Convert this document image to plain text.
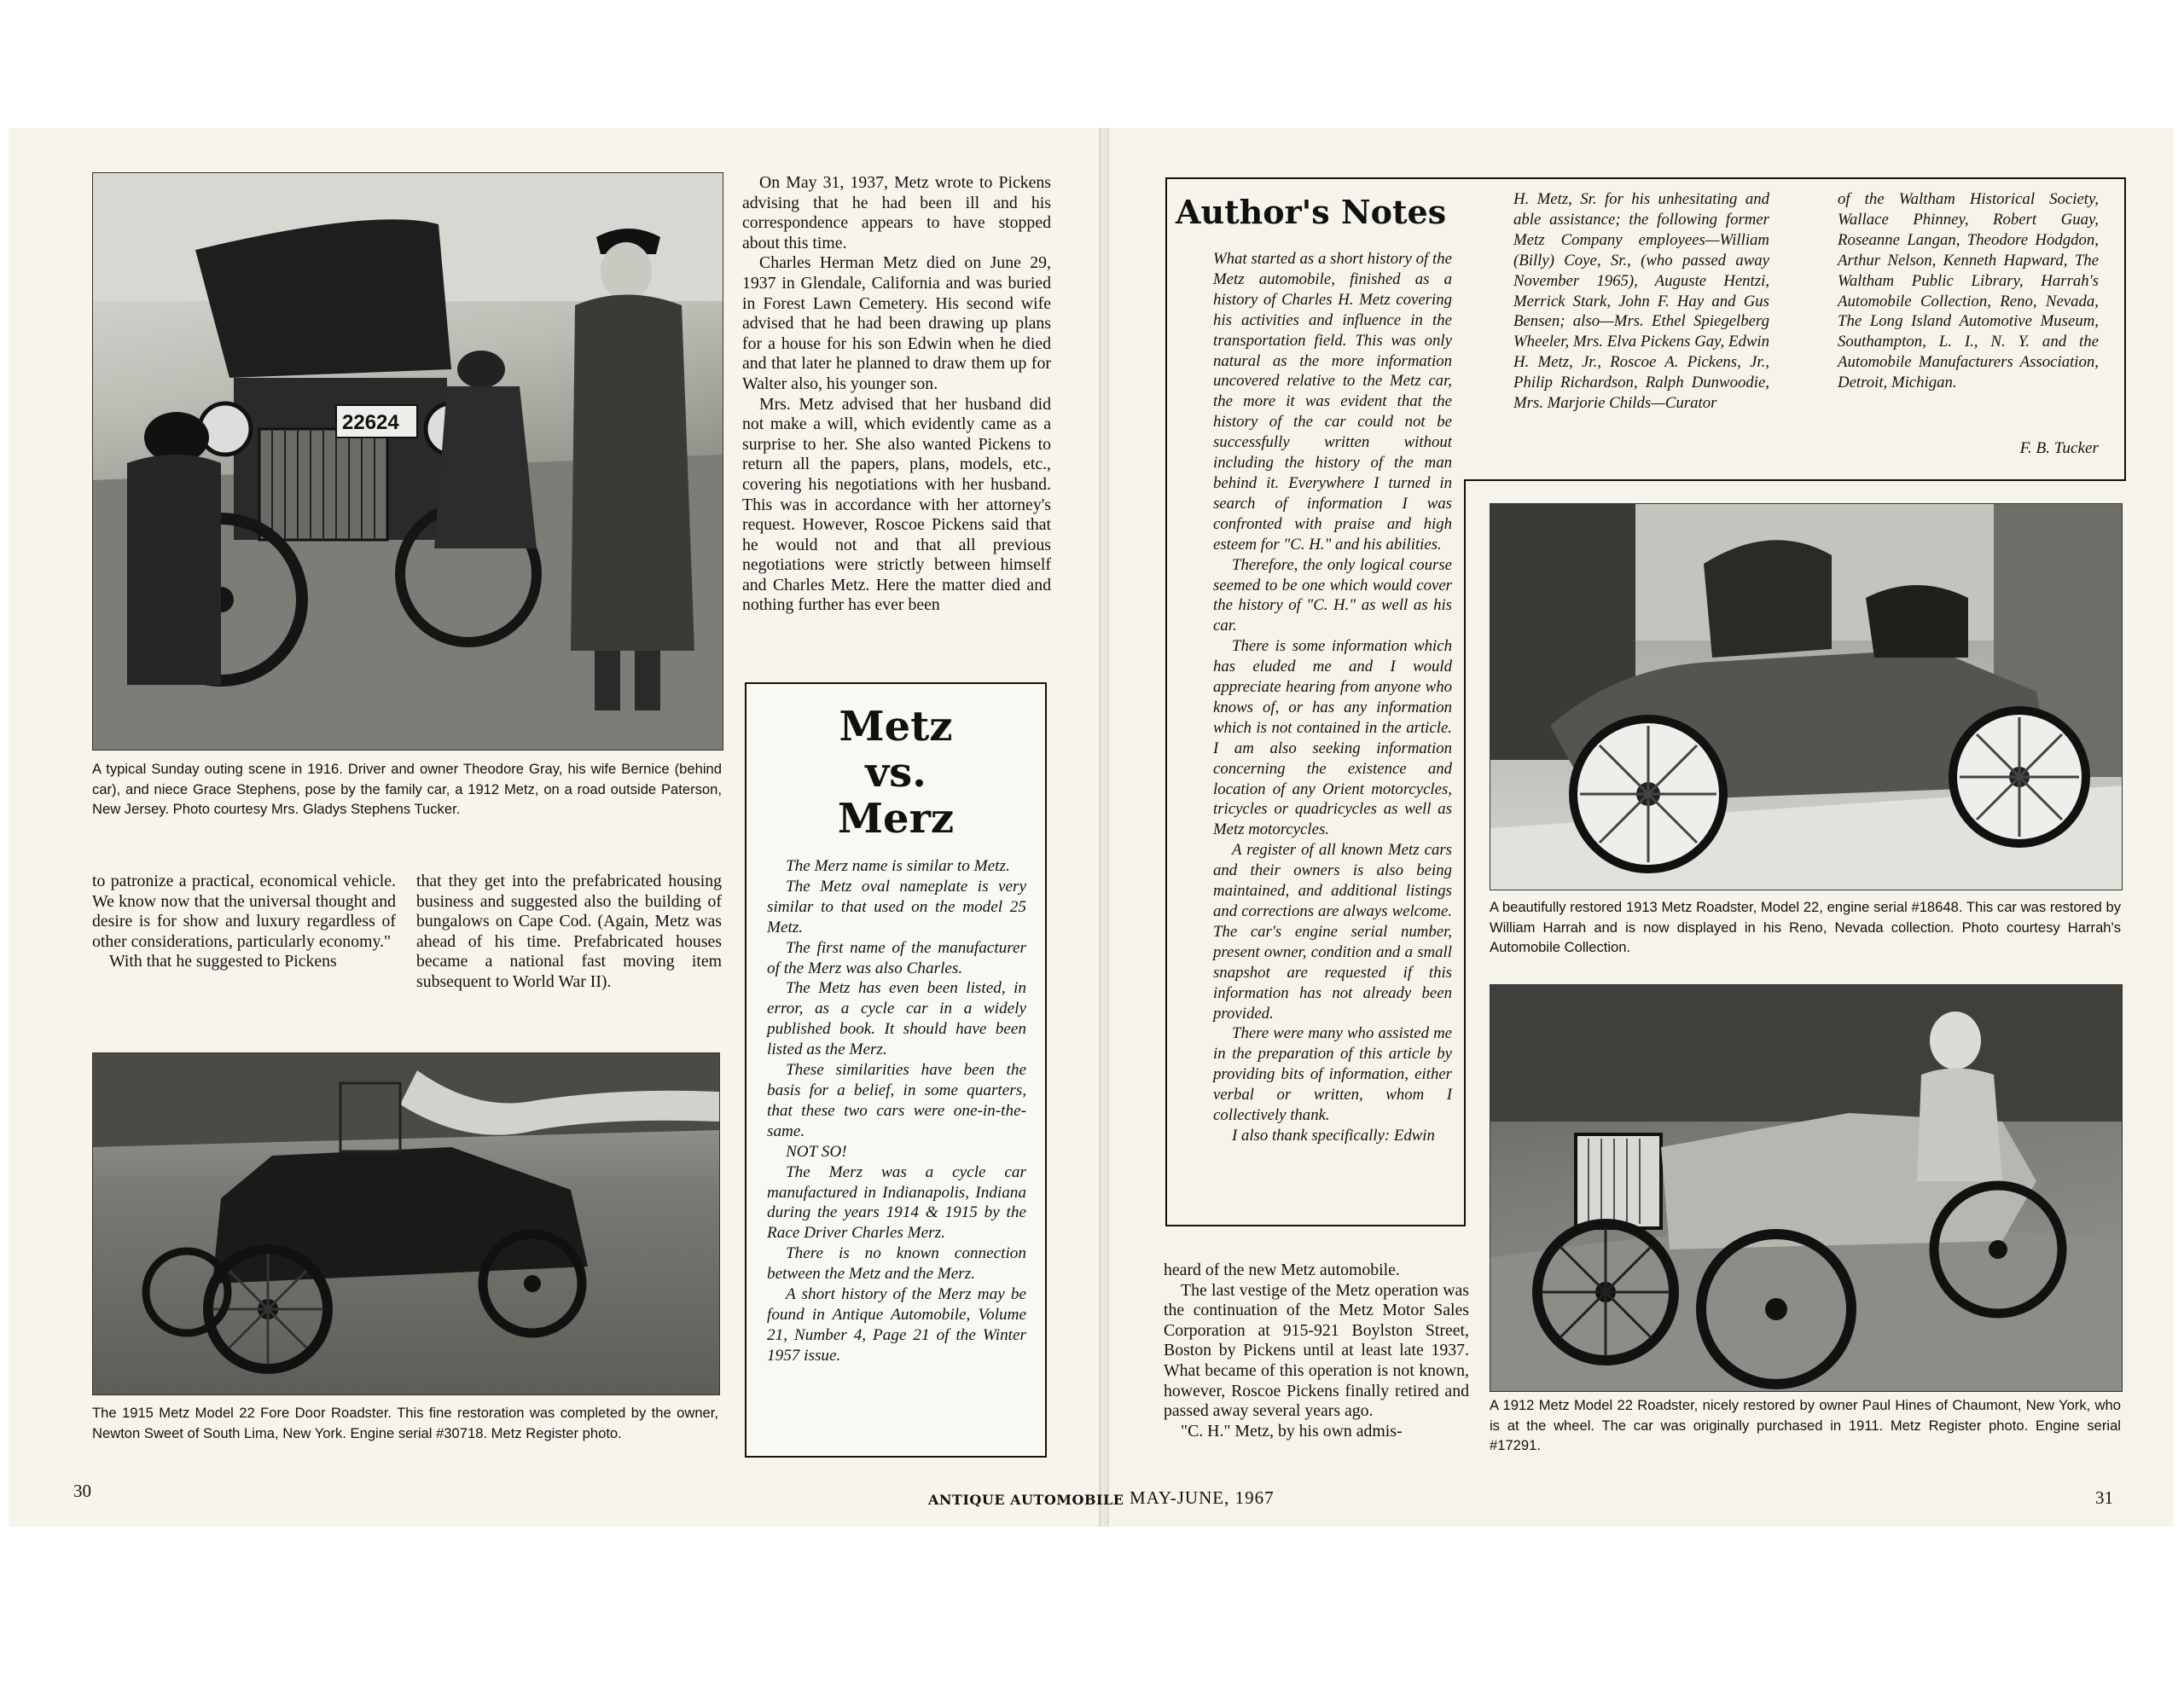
22624
A typical Sunday outing scene in 1916. Driver and owner Theodore Gray, his wife Bernice (behind car), and niece Grace Stephens, pose by the family car, a 1912 Metz, on a road outside Paterson, New Jersey. Photo courtesy Mrs. Gladys Stephens Tucker.

On May 31, 1937, Metz wrote to Pickens advising that he had been ill and his correspondence appears to have stopped about this time.

Charles Herman Metz died on June 29, 1937 in Glendale, California and was buried in Forest Lawn Cemetery. His second wife advised that he had been drawing up plans for a house for his son Edwin when he died and that later he planned to draw them up for Walter also, his younger son.

Mrs. Metz advised that her husband did not make a will, which evidently came as a surprise to her. She also wanted Pickens to return all the papers, plans, models, etc., covering his negotiations with her husband. This was in accordance with her attorney's request. However, Roscoe Pickens said that he would not and that all previous negotiations were strictly between himself and Charles Metz. Here the matter died and nothing further has ever been

to patronize a practical, economical vehicle. We know now that the universal thought and desire is for show and luxury regardless of other considerations, particularly economy."

With that he suggested to Pickens

that they get into the prefabricated housing business and suggested also the building of bungalows on Cape Cod. (Again, Metz was ahead of his time. Prefabricated houses became a national fast moving item subsequent to World War II).

The 1915 Metz Model 22 Fore Door Roadster. This fine restoration was completed by the owner, Newton Sweet of South Lima, New York. Engine serial #30718. Metz Register photo.
Metz
vs.
Merz

The Merz name is similar to Metz.

The Metz oval nameplate is very similar to that used on the model 25 Metz.

The first name of the manufacturer of the Merz was also Charles.

The Metz has even been listed, in error, as a cycle car in a widely published book. It should have been listed as the Merz.

These similarities have been the basis for a belief, in some quarters, that these two cars were one-in-the-same.

NOT SO!

The Merz was a cycle car manufactured in Indianapolis, Indiana during the years 1914 & 1915 by the Race Driver Charles Merz.

There is no known connection between the Metz and the Merz.

A short history of the Merz may be found in Antique Automobile, Volume 21, Number 4, Page 21 of the Winter 1957 issue.

30	ANTIQUE AUTOMOBILE
Author's Notes

What started as a short history of the Metz automobile, finished as a history of Charles H. Metz covering his activities and influence in the transportation field. This was only natural as the more information uncovered relative to the Metz car, the more it was evident that the history of the car could not be successfully written without including the history of the man behind it. Everywhere I turned in search of information I was confronted with praise and high esteem for "C. H." and his abilities.

Therefore, the only logical course seemed to be one which would cover the history of "C. H." as well as his car.

There is some information which has eluded me and I would appreciate hearing from anyone who knows of, or has any information which is not contained in the article. I am also seeking information concerning the existence and location of any Orient motorcycles, tricycles or quadricycles as well as Metz motorcycles.

A register of all known Metz cars and their owners is also being maintained, and additional listings and corrections are always welcome. The car's engine serial number, present owner, condition and a small snapshot are requested if this information has not already been provided.

There were many who assisted me in the preparation of this article by providing bits of information, either verbal or written, whom I collectively thank.

I also thank specifically: Edwin

H. Metz, Sr. for his unhesitating and able assistance; the following former Metz Company employees—William (Billy) Coye, Sr., (who passed away November 1965), Auguste Hentzi, Merrick Stark, John F. Hay and Gus Bensen; also—Mrs. Ethel Spiegelberg Wheeler, Mrs. Elva Pickens Gay, Edwin H. Metz, Jr., Roscoe A. Pickens, Jr., Philip Richardson, Ralph Dunwoodie, Mrs. Marjorie Childs—Curator

of the Waltham Historical Society, Wallace Phinney, Robert Guay, Roseanne Langan, Theodore Hodgdon, Arthur Nelson, Kenneth Hapward, The Waltham Public Library, Harrah's Automobile Collection, Reno, Nevada, The Long Island Automotive Museum, Southampton, L. I., N. Y. and the Automobile Manufacturers Association, Detroit, Michigan.

F. B. Tucker
A beautifully restored 1913 Metz Roadster, Model 22, engine serial #18648. This car was restored by William Harrah and is now displayed in his Reno, Nevada collection. Photo courtesy Harrah's Automobile Collection.
A 1912 Metz Model 22 Roadster, nicely restored by owner Paul Hines of Chaumont, New York, who is at the wheel. The car was originally purchased in 1911. Metz Register photo. Engine serial #17291.

heard of the new Metz automobile.

The last vestige of the Metz operation was the continuation of the Metz Motor Sales Corporation at 915-921 Boylston Street, Boston by Pickens until at least late 1937. What became of this operation is not known, however, Roscoe Pickens finally retired and passed away several years ago.

"C. H." Metz, by his own admis-

MAY-JUNE, 1967	31
